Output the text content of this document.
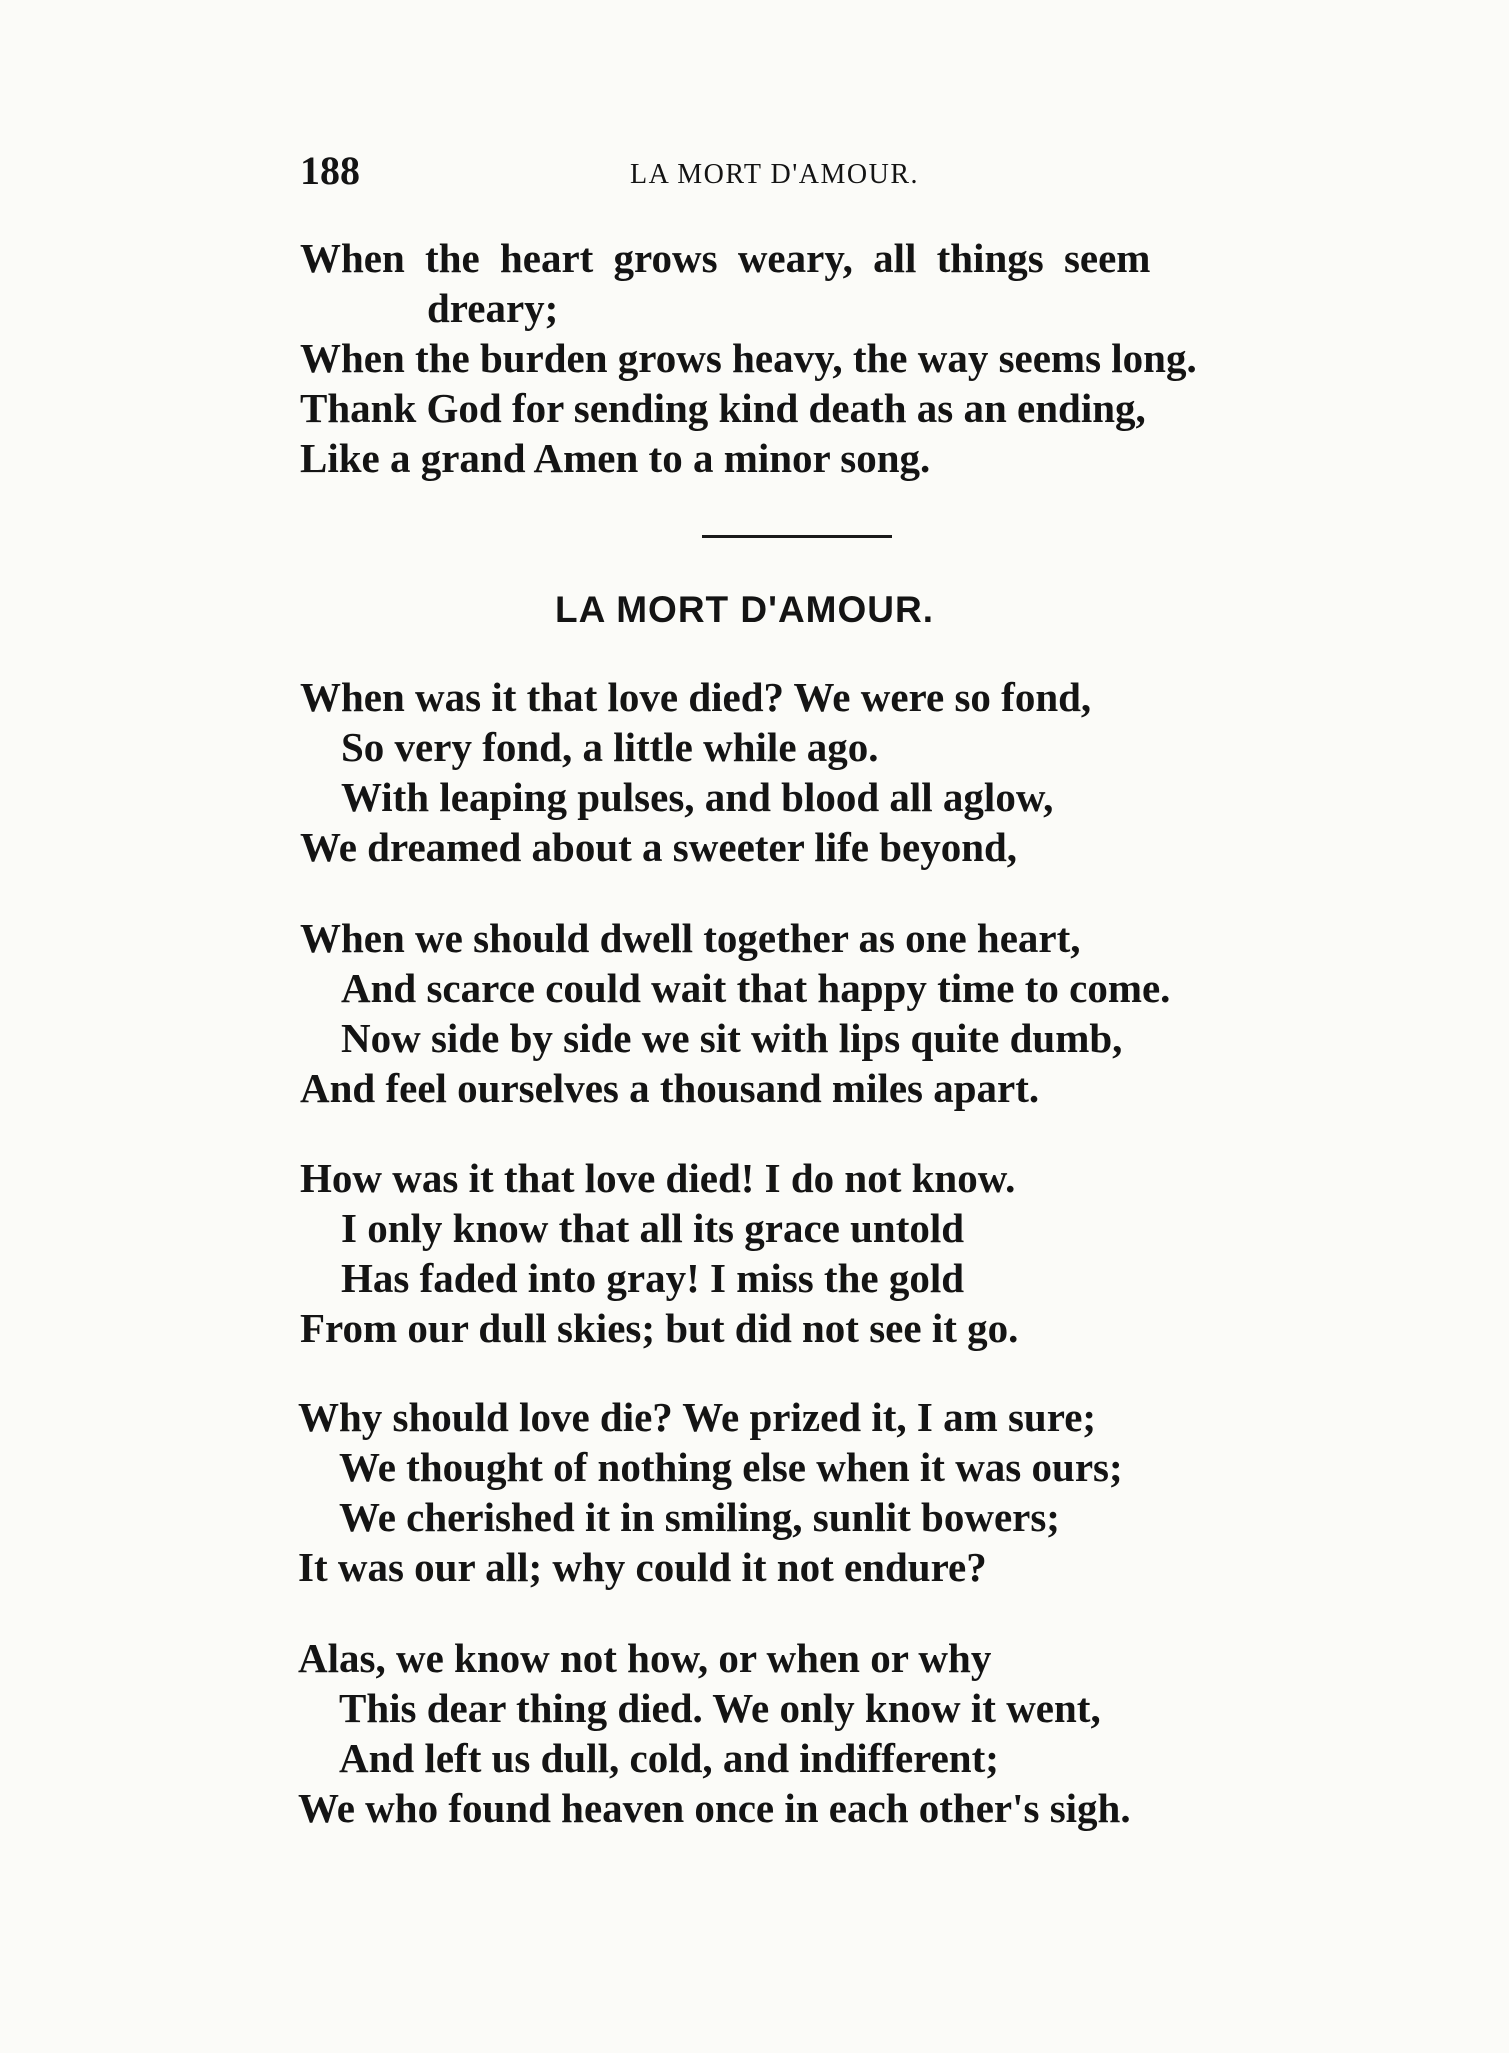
188	LA MORT D'AMOUR.
When the heart grows weary, all things seem
dreary;
When the burden grows heavy, the way seems long.
Thank God for sending kind death as an ending,
Like a grand Amen to a minor song.
LA MORT D'AMOUR.
When was it that love died? We were so fond,
So very fond, a little while ago.
With leaping pulses, and blood all aglow,
We dreamed about a sweeter life beyond,
When we should dwell together as one heart,
And scarce could wait that happy time to come.
Now side by side we sit with lips quite dumb,
And feel ourselves a thousand miles apart.
How was it that love died! I do not know.
I only know that all its grace untold
Has faded into gray! I miss the gold
From our dull skies; but did not see it go.
Why should love die? We prized it, I am sure;
We thought of nothing else when it was ours;
We cherished it in smiling, sunlit bowers;
It was our all; why could it not endure?
Alas, we know not how, or when or why
This dear thing died. We only know it went,
And left us dull, cold, and indifferent;
We who found heaven once in each other's sigh.
